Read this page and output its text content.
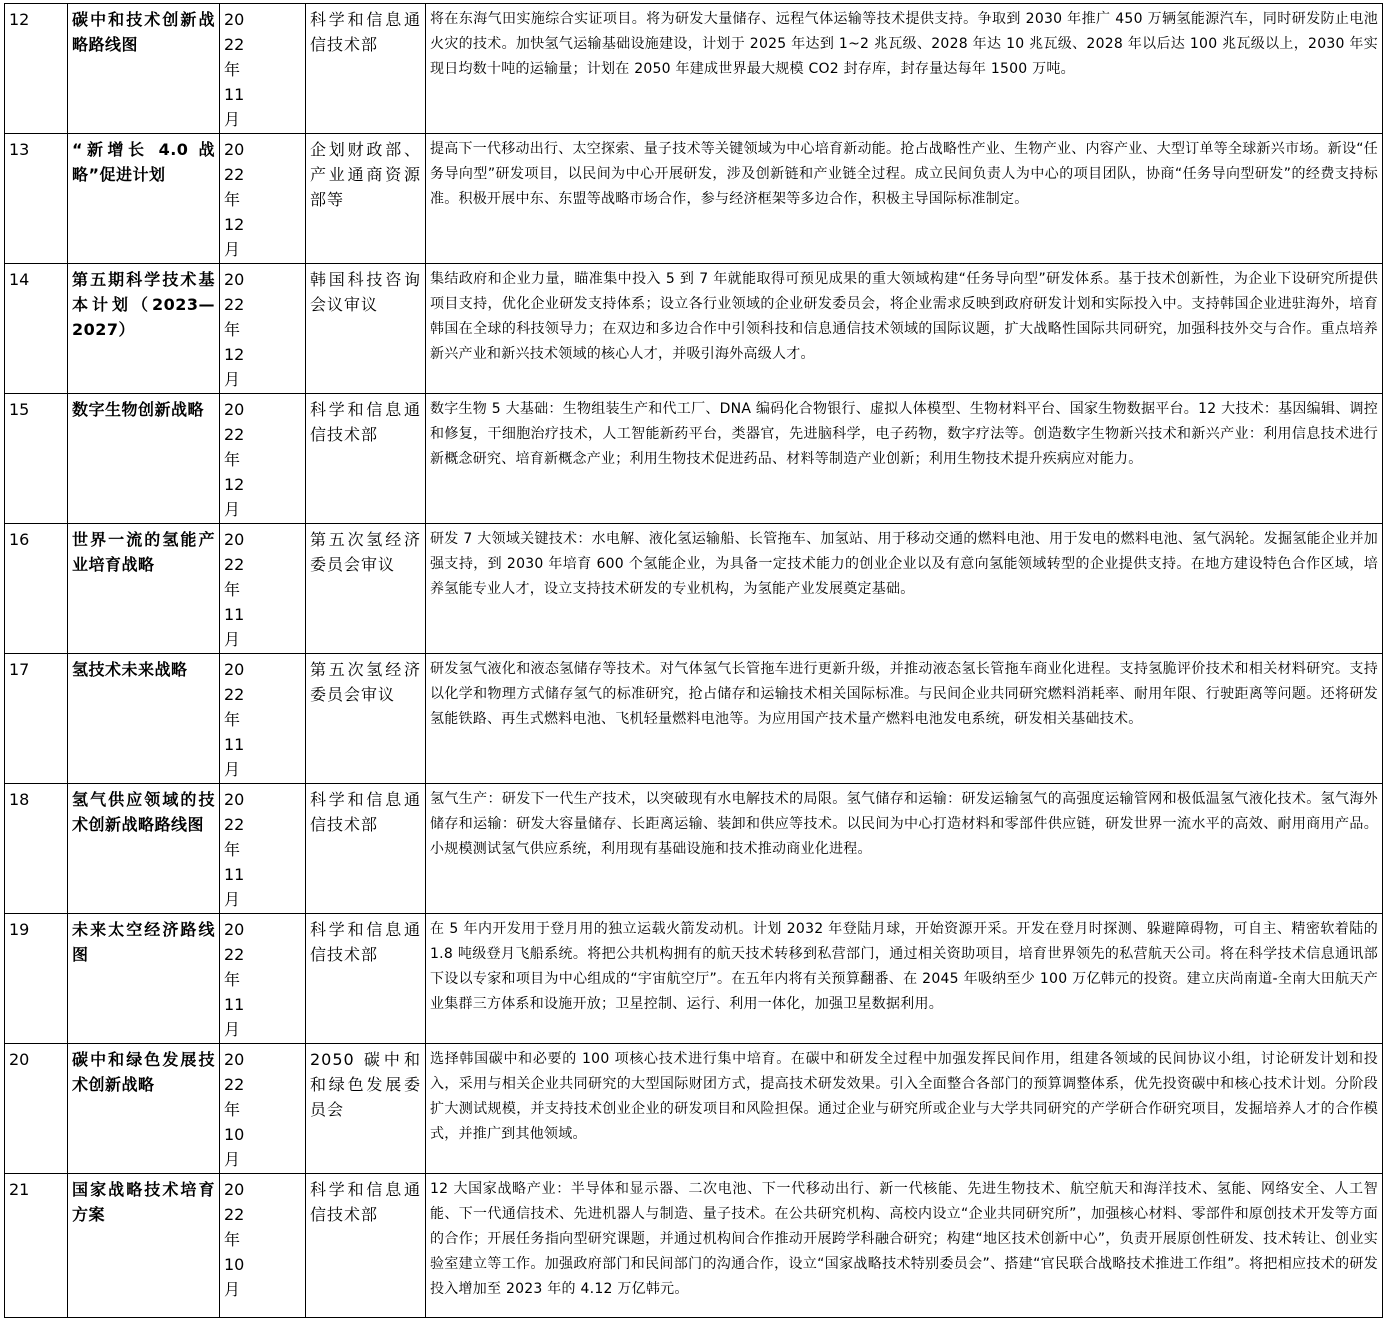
12	碳中和技术创新战略路线图	2022年11月	科学和信息通信技术部	将在东海气田实施综合实证项目。将为研发大量储存、远程气体运输等技术提供支持。争取到 2030 年推广 450 万辆氢能源汽车，同时研发防止电池火灾的技术。加快氢气运输基础设施建设，计划于 2025 年达到 1~2 兆瓦级、2028 年达 10 兆瓦级、2028 年以后达 100 兆瓦级以上，2030 年实现日均数十吨的运输量；计划在 2050 年建成世界最大规模 CO2 封存库，封存量达每年 1500 万吨。
13	“新增长 4.0 战略”促进计划	2022年12月	企划财政部、产业通商资源部等	提高下一代移动出行、太空探索、量子技术等关键领域为中心培育新动能。抢占战略性产业、生物产业、内容产业、大型订单等全球新兴市场。新设“任务导向型”研发项目，以民间为中心开展研发，涉及创新链和产业链全过程。成立民间负责人为中心的项目团队，协商“任务导向型研发”的经费支持标准。积极开展中东、东盟等战略市场合作，参与经济框架等多边合作，积极主导国际标准制定。
14	第五期科学技术基本计划（2023—2027）	2022年12月	韩国科技咨询会议审议	集结政府和企业力量，瞄准集中投入 5 到 7 年就能取得可预见成果的重大领域构建“任务导向型”研发体系。基于技术创新性，为企业下设研究所提供项目支持，优化企业研发支持体系；设立各行业领域的企业研发委员会，将企业需求反映到政府研发计划和实际投入中。支持韩国企业进驻海外，培育韩国在全球的科技领导力；在双边和多边合作中引领科技和信息通信技术领域的国际议题，扩大战略性国际共同研究，加强科技外交与合作。重点培养新兴产业和新兴技术领域的核心人才，并吸引海外高级人才。
15	数字生物创新战略	2022年12月	科学和信息通信技术部	数字生物 5 大基础：生物组装生产和代工厂、DNA 编码化合物银行、虚拟人体模型、生物材料平台、国家生物数据平台。12 大技术：基因编辑、调控和修复，干细胞治疗技术，人工智能新药平台，类器官，先进脑科学，电子药物，数字疗法等。创造数字生物新兴技术和新兴产业：利用信息技术进行新概念研究、培育新概念产业；利用生物技术促进药品、材料等制造产业创新；利用生物技术提升疾病应对能力。
16	世界一流的氢能产业培育战略	2022年11月	第五次氢经济委员会审议	研发 7 大领域关键技术：水电解、液化氢运输船、长管拖车、加氢站、用于移动交通的燃料电池、用于发电的燃料电池、氢气涡轮。发掘氢能企业并加强支持，到 2030 年培育 600 个氢能企业，为具备一定技术能力的创业企业以及有意向氢能领域转型的企业提供支持。在地方建设特色合作区域，培养氢能专业人才，设立支持技术研发的专业机构，为氢能产业发展奠定基础。
17	氢技术未来战略	2022年11月	第五次氢经济委员会审议	研发氢气液化和液态氢储存等技术。对气体氢气长管拖车进行更新升级，并推动液态氢长管拖车商业化进程。支持氢脆评价技术和相关材料研究。支持以化学和物理方式储存氢气的标准研究，抢占储存和运输技术相关国际标准。与民间企业共同研究燃料消耗率、耐用年限、行驶距离等问题。还将研发氢能铁路、再生式燃料电池、飞机轻量燃料电池等。为应用国产技术量产燃料电池发电系统，研发相关基础技术。
18	氢气供应领域的技术创新战略路线图	2022年11月	科学和信息通信技术部	氢气生产：研发下一代生产技术，以突破现有水电解技术的局限。氢气储存和运输：研发运输氢气的高强度运输管网和极低温氢气液化技术。氢气海外储存和运输：研发大容量储存、长距离运输、装卸和供应等技术。以民间为中心打造材料和零部件供应链，研发世界一流水平的高效、耐用商用产品。小规模测试氢气供应系统，利用现有基础设施和技术推动商业化进程。
19	未来太空经济路线图	2022年11月	科学和信息通信技术部	在 5 年内开发用于登月用的独立运载火箭发动机。计划 2032 年登陆月球，开始资源开采。开发在登月时探测、躲避障碍物，可自主、精密软着陆的 1.8 吨级登月飞船系统。将把公共机构拥有的航天技术转移到私营部门，通过相关资助项目，培育世界领先的私营航天公司。将在科学技术信息通讯部下设以专家和项目为中心组成的“宇宙航空厅”。在五年内将有关预算翻番、在 2045 年吸纳至少 100 万亿韩元的投资。建立庆尚南道-全南大田航天产业集群三方体系和设施开放；卫星控制、运行、利用一体化，加强卫星数据利用。
20	碳中和绿色发展技术创新战略	2022年10月	2050 碳中和和绿色发展委员会	选择韩国碳中和必要的 100 项核心技术进行集中培育。在碳中和研发全过程中加强发挥民间作用，组建各领域的民间协议小组，讨论研发计划和投入，采用与相关企业共同研究的大型国际财团方式，提高技术研发效果。引入全面整合各部门的预算调整体系，优先投资碳中和核心技术计划。分阶段扩大测试规模，并支持技术创业企业的研发项目和风险担保。通过企业与研究所或企业与大学共同研究的产学研合作研究项目，发掘培养人才的合作模式，并推广到其他领域。
21	国家战略技术培育方案	2022年10月	科学和信息通信技术部	12 大国家战略产业：半导体和显示器、二次电池、下一代移动出行、新一代核能、先进生物技术、航空航天和海洋技术、氢能、网络安全、人工智能、下一代通信技术、先进机器人与制造、量子技术。在公共研究机构、高校内设立“企业共同研究所”，加强核心材料、零部件和原创技术开发等方面的合作；开展任务指向型研究课题，并通过机构间合作推动开展跨学科融合研究；构建“地区技术创新中心”，负责开展原创性研发、技术转让、创业实验室建立等工作。加强政府部门和民间部门的沟通合作，设立“国家战略技术特别委员会”、搭建“官民联合战略技术推进工作组”。将把相应技术的研发投入增加至 2023 年的 4.12 万亿韩元。
